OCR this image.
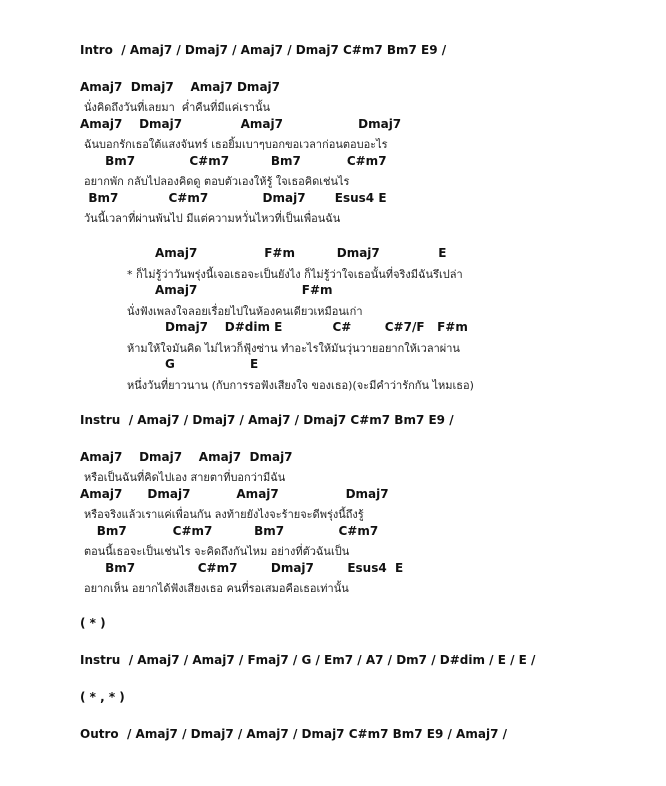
Intro  / Amaj7 / Dmaj7 / Amaj7 / Dmaj7 C#m7 Bm7 E9 /
Amaj7  Dmaj7    Amaj7 Dmaj7
นั่งคิดถึงวันที่เลยมา  ค่ำคืนที่มีแค่เรานั้น
Amaj7    Dmaj7              Amaj7                  Dmaj7
ฉันบอกรักเธอใต้แสงจันทร์ เธอยิ้มเบาๆบอกขอเวลาก่อนตอบอะไร
Bm7             C#m7          Bm7           C#m7
อยากพัก กลับไปลองคิดดู ตอบตัวเองให้รู้ ใจเธอคิดเช่นไร
Bm7            C#m7             Dmaj7       Esus4 E
วันนี้เวลาที่ผ่านพ้นไป มีแต่ความหวั่นไหวที่เป็นเพื่อนฉัน
Amaj7                F#m          Dmaj7              E
* ก็ไม่รู้ว่าวันพรุ่งนี้เจอเธอจะเป็นยังไง ก็ไม่รู้ว่าใจเธอนั้นที่จริงมีฉันรึเปล่า
Amaj7                         F#m
นั่งฟังเพลงใจลอยเรื่อยไปในห้องคนเดียวเหมือนเก่า
Dmaj7    D#dim E            C#        C#7/F   F#m
ห้ามให้ใจมันคิด ไม่ไหวก็ฟุ้งซ่าน ทำอะไรให้มันวุ่นวายอยากให้เวลาผ่าน
G                  E
หนึ่งวันที่ยาวนาน (กับการรอฟังเสียงใจ ของเธอ)(จะมีคำว่ารักกัน ไหมเธอ)
Instru  / Amaj7 / Dmaj7 / Amaj7 / Dmaj7 C#m7 Bm7 E9 /
Amaj7    Dmaj7    Amaj7  Dmaj7
หรือเป็นฉันที่คิดไปเอง สายตาที่บอกว่ามีฉัน
Amaj7      Dmaj7           Amaj7                Dmaj7
หรือจริงแล้วเราแค่เพื่อนกัน ลงท้ายยังไงจะร้ายจะดีพรุ่งนี้ถึงรู้
Bm7           C#m7          Bm7             C#m7
ตอนนี้เธอจะเป็นเช่นไร จะคิดถึงกันไหม อย่างที่ตัวฉันเป็น
Bm7               C#m7        Dmaj7        Esus4  E
อยากเห็น อยากได้ฟังเสียงเธอ คนที่รอเสมอคือเธอเท่านั้น
( * )
Instru  / Amaj7 / Amaj7 / Fmaj7 / G / Em7 / A7 / Dm7 / D#dim / E / E /
( * , * )
Outro  / Amaj7 / Dmaj7 / Amaj7 / Dmaj7 C#m7 Bm7 E9 / Amaj7 /
